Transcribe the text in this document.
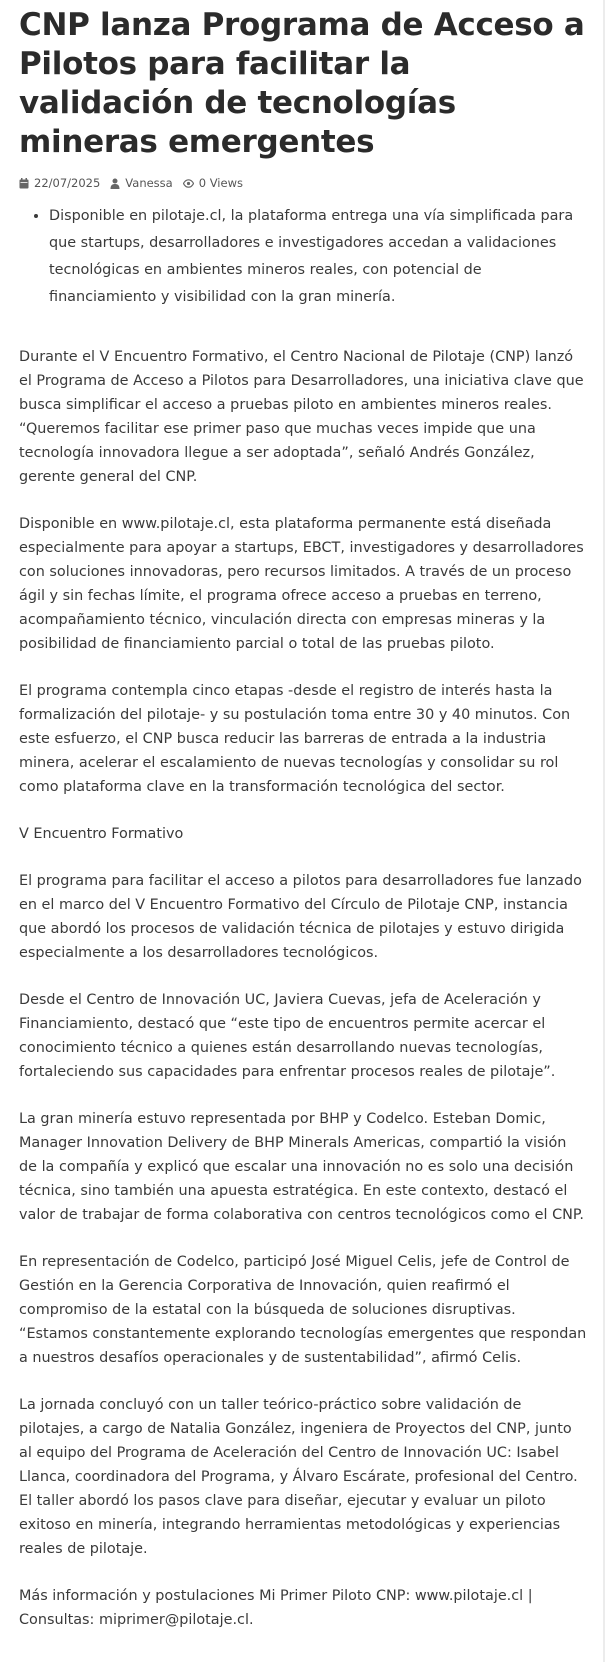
CNP lanza Programa de Acceso a Pilotos para facilitar la validación de tecnologías mineras emergentes
22/07/2025 Vanessa 0 Views
• Disponible en pilotaje.cl, la plataforma entrega una vía simplificada para que startups, desarrolladores e investigadores accedan a validaciones tecnológicas en ambientes mineros reales, con potencial de financiamiento y visibilidad con la gran minería.

Durante el V Encuentro Formativo, el Centro Nacional de Pilotaje (CNP) lanzó el Programa de Acceso a Pilotos para Desarrolladores, una iniciativa clave que busca simplificar el acceso a pruebas piloto en ambientes mineros reales. “Queremos facilitar ese primer paso que muchas veces impide que una tecnología innovadora llegue a ser adoptada”, señaló Andrés González, gerente general del CNP.

Disponible en www.pilotaje.cl, esta plataforma permanente está diseñada especialmente para apoyar a startups, EBCT, investigadores y desarrolladores con soluciones innovadoras, pero recursos limitados. A través de un proceso ágil y sin fechas límite, el programa ofrece acceso a pruebas en terreno, acompañamiento técnico, vinculación directa con empresas mineras y la posibilidad de financiamiento parcial o total de las pruebas piloto.

El programa contempla cinco etapas -desde el registro de interés hasta la formalización del pilotaje- y su postulación toma entre 30 y 40 minutos. Con este esfuerzo, el CNP busca reducir las barreras de entrada a la industria minera, acelerar el escalamiento de nuevas tecnologías y consolidar su rol como plataforma clave en la transformación tecnológica del sector.

V Encuentro Formativo

El programa para facilitar el acceso a pilotos para desarrolladores fue lanzado en el marco del V Encuentro Formativo del Círculo de Pilotaje CNP, instancia que abordó los procesos de validación técnica de pilotajes y estuvo dirigida especialmente a los desarrolladores tecnológicos.

Desde el Centro de Innovación UC, Javiera Cuevas, jefa de Aceleración y Financiamiento, destacó que “este tipo de encuentros permite acercar el conocimiento técnico a quienes están desarrollando nuevas tecnologías, fortaleciendo sus capacidades para enfrentar procesos reales de pilotaje”.

La gran minería estuvo representada por BHP y Codelco. Esteban Domic, Manager Innovation Delivery de BHP Minerals Americas, compartió la visión de la compañía y explicó que escalar una innovación no es solo una decisión técnica, sino también una apuesta estratégica. En este contexto, destacó el valor de trabajar de forma colaborativa con centros tecnológicos como el CNP.

En representación de Codelco, participó José Miguel Celis, jefe de Control de Gestión en la Gerencia Corporativa de Innovación, quien reafirmó el compromiso de la estatal con la búsqueda de soluciones disruptivas. “Estamos constantemente explorando tecnologías emergentes que respondan a nuestros desafíos operacionales y de sustentabilidad”, afirmó Celis.

La jornada concluyó con un taller teórico-práctico sobre validación de pilotajes, a cargo de Natalia González, ingeniera de Proyectos del CNP, junto al equipo del Programa de Aceleración del Centro de Innovación UC: Isabel Llanca, coordinadora del Programa, y Álvaro Escárate, profesional del Centro. El taller abordó los pasos clave para diseñar, ejecutar y evaluar un piloto exitoso en minería, integrando herramientas metodológicas y experiencias reales de pilotaje.

Más información y postulaciones Mi Primer Piloto CNP: www.pilotaje.cl | Consultas: miprimer@pilotaje.cl.
